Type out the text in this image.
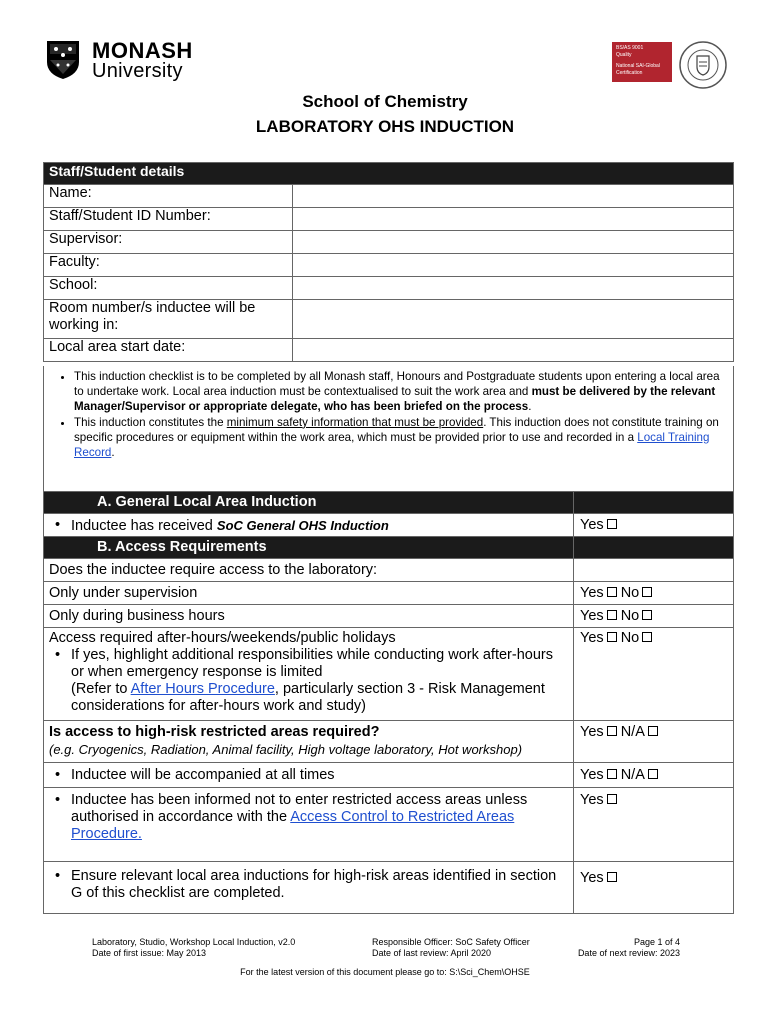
MONASH
University
BS/AS 9001
Quality
National SAI-Global
Certification
School of Chemistry
LABORATORY OHS INDUCTION
Staff/Student details	
Name:	
Staff/Student ID Number:	
Supervisor:	
Faculty:	
School:	
Room number/s inductee will be working in:	
Local area start date:	
• This induction checklist is to be completed by all Monash staff, Honours and Postgraduate students upon entering a local area to undertake work. Local area induction must be contextualised to suit the work area and must be delivered by the relevant Manager/Supervisor or appropriate delegate, who has been briefed on the process.
• This induction constitutes the minimum safety information that must be provided. This induction does not constitute training on specific procedures or equipment within the work area, which must be provided prior to use and recorded in a Local Training Record.
A. General Local Area Induction	

• Inductee has received SoC General OHS Induction	Yes
B. Access Requirements	
Does the inductee require access to the laboratory:	
Only under supervision	Yes No
Only during business hours	Yes No

Access required after-hours/weekends/public holidays
• If yes, highlight additional responsibilities while conducting work after-hours or when emergency response is limited
(Refer to After Hours Procedure, particularly section 3 - Risk Management considerations for after-hours work and study)	Yes No
Is access to high-risk restricted areas required?
(e.g. Cryogenics, Radiation, Animal facility, High voltage laboratory, Hot workshop)	Yes N/A

• Inductee will be accompanied at all times	Yes N/A

• Inductee has been informed not to enter restricted access areas unless authorised in accordance with the Access Control to Restricted Areas Procedure.	Yes

• Ensure relevant local area inductions for high-risk areas identified in section G of this checklist are completed.	Yes
Laboratory, Studio, Workshop Local Induction, v2.0
Date of first issue: May 2013
Responsible Officer: SoC Safety Officer
Date of last review: April 2020
Page 1 of 4
Date of next review: 2023
For the latest version of this document please go to: S:\Sci_Chem\OHSE
